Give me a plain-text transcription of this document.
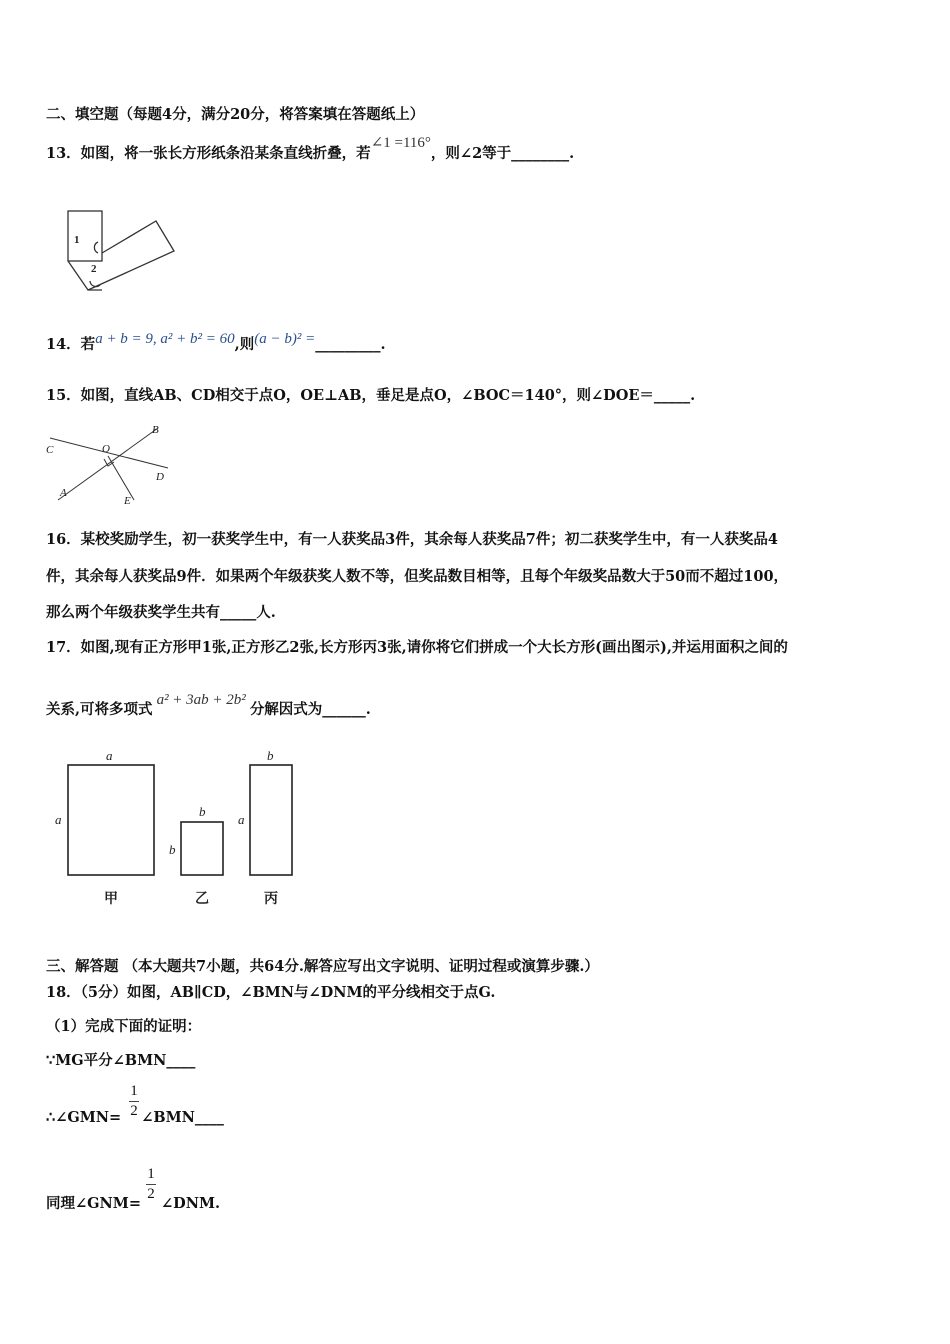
二、填空题（每题4分，满分20分，将答案填在答题纸上）
13．如图，将一张长方形纸条沿某条直线折叠，若∠1 =116°，则∠2等于________.
1
2
14．若a + b = 9, a² + b² = 60,则(a − b)² =_________.
15．如图，直线AB、CD相交于点O，OE⊥AB，垂足是点O，∠BOC＝140°，则∠DOE＝_____.
C	O
B
D
A
E
16．某校奖励学生，初一获奖学生中，有一人获奖品3件，其余每人获奖品7件；初二获奖学生中，有一人获奖品4
件，其余每人获奖品9件．如果两个年级获奖人数不等，但奖品数目相等，且每个年级奖品数大于50而不超过100，
那么两个年级获奖学生共有_____人.
17．如图,现有正方形甲1张,正方形乙2张,长方形丙3张,请你将它们拼成一个大长方形(画出图示),并运用面积之间的
关系,可将多项式a² + 3ab + 2b²分解因式为______.
a
a
b
b
b
a
甲	乙	丙
三、解答题 （本大题共7小题，共64分.解答应写出文字说明、证明过程或演算步骤.）
18．（5分）如图，AB∥CD，∠BMN与∠DNM的平分线相交于点G.
（1）完成下面的证明：
∵MG平分∠BMN____
∴∠GMN= ∠BMN____
1
2
同理∠GNM= ∠DNM.
1
2
